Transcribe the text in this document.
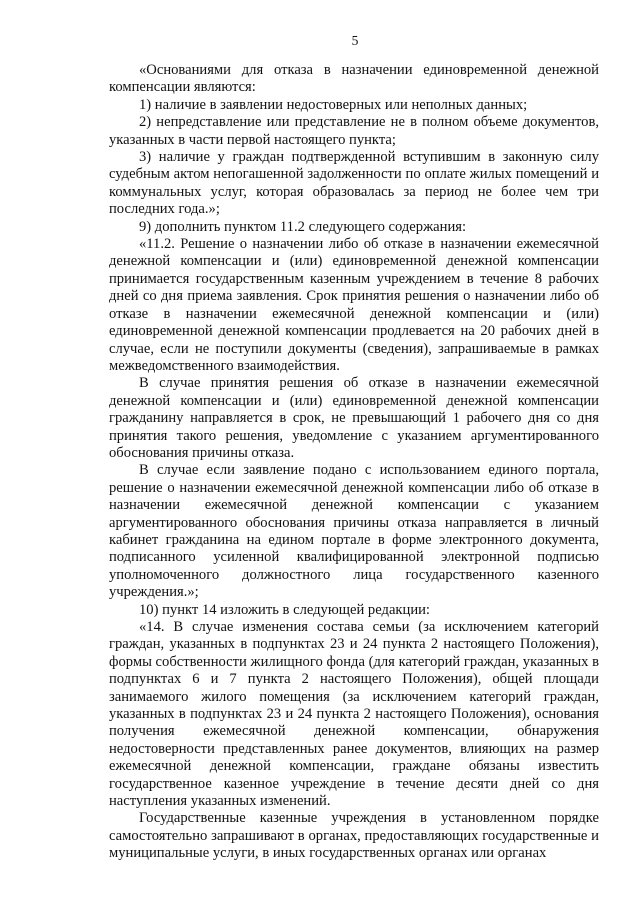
5

«Основаниями для отказа в назначении единовременной денежной компенсации являются:

1) наличие в заявлении недостоверных или неполных данных;

2) непредставление или представление не в полном объеме документов, указанных в части первой настоящего пункта;

3) наличие у граждан подтвержденной вступившим в законную силу судебным актом непогашенной задолженности по оплате жилых помещений и коммунальных услуг, которая образовалась за период не более чем три последних года.»;

9) дополнить пунктом 11.2 следующего содержания:

«11.2. Решение о назначении либо об отказе в назначении ежемесячной денежной компенсации и (или) единовременной денежной компенсации принимается государственным казенным учреждением в течение 8 рабочих дней со дня приема заявления. Срок принятия решения о назначении либо об отказе в назначении ежемесячной денежной компенсации и (или) единовременной денежной компенсации продлевается на 20 рабочих дней в случае, если не поступили документы (сведения), запрашиваемые в рамках межведомственного взаимодействия.

В случае принятия решения об отказе в назначении ежемесячной денежной компенсации и (или) единовременной денежной компенсации гражданину направляется в срок, не превышающий 1 рабочего дня со дня принятия такого решения, уведомление с указанием аргументированного обоснования причины отказа.

В случае если заявление подано с использованием единого портала, решение о назначении ежемесячной денежной компенсации либо об отказе в назначении ежемесячной денежной компенсации с указанием аргументированного обоснования причины отказа направляется в личный кабинет гражданина на едином портале в форме электронного документа, подписанного усиленной квалифицированной электронной подписью уполномоченного должностного лица государственного казенного учреждения.»;

10) пункт 14 изложить в следующей редакции:

«14. В случае изменения состава семьи (за исключением категорий граждан, указанных в подпунктах 23 и 24 пункта 2 настоящего Положения), формы собственности жилищного фонда (для категорий граждан, указанных в подпунктах 6 и 7 пункта 2 настоящего Положения), общей площади занимаемого жилого помещения (за исключением категорий граждан, указанных в подпунктах 23 и 24 пункта 2 настоящего Положения), основания получения ежемесячной денежной компенсации, обнаружения недостоверности представленных ранее документов, влияющих на размер ежемесячной денежной компенсации, граждане обязаны известить государственное казенное учреждение в течение десяти дней со дня наступления указанных изменений.

Государственные казенные учреждения в установленном порядке самостоятельно запрашивают в органах, предоставляющих государственные и муниципальные услуги, в иных государственных органах или органах
